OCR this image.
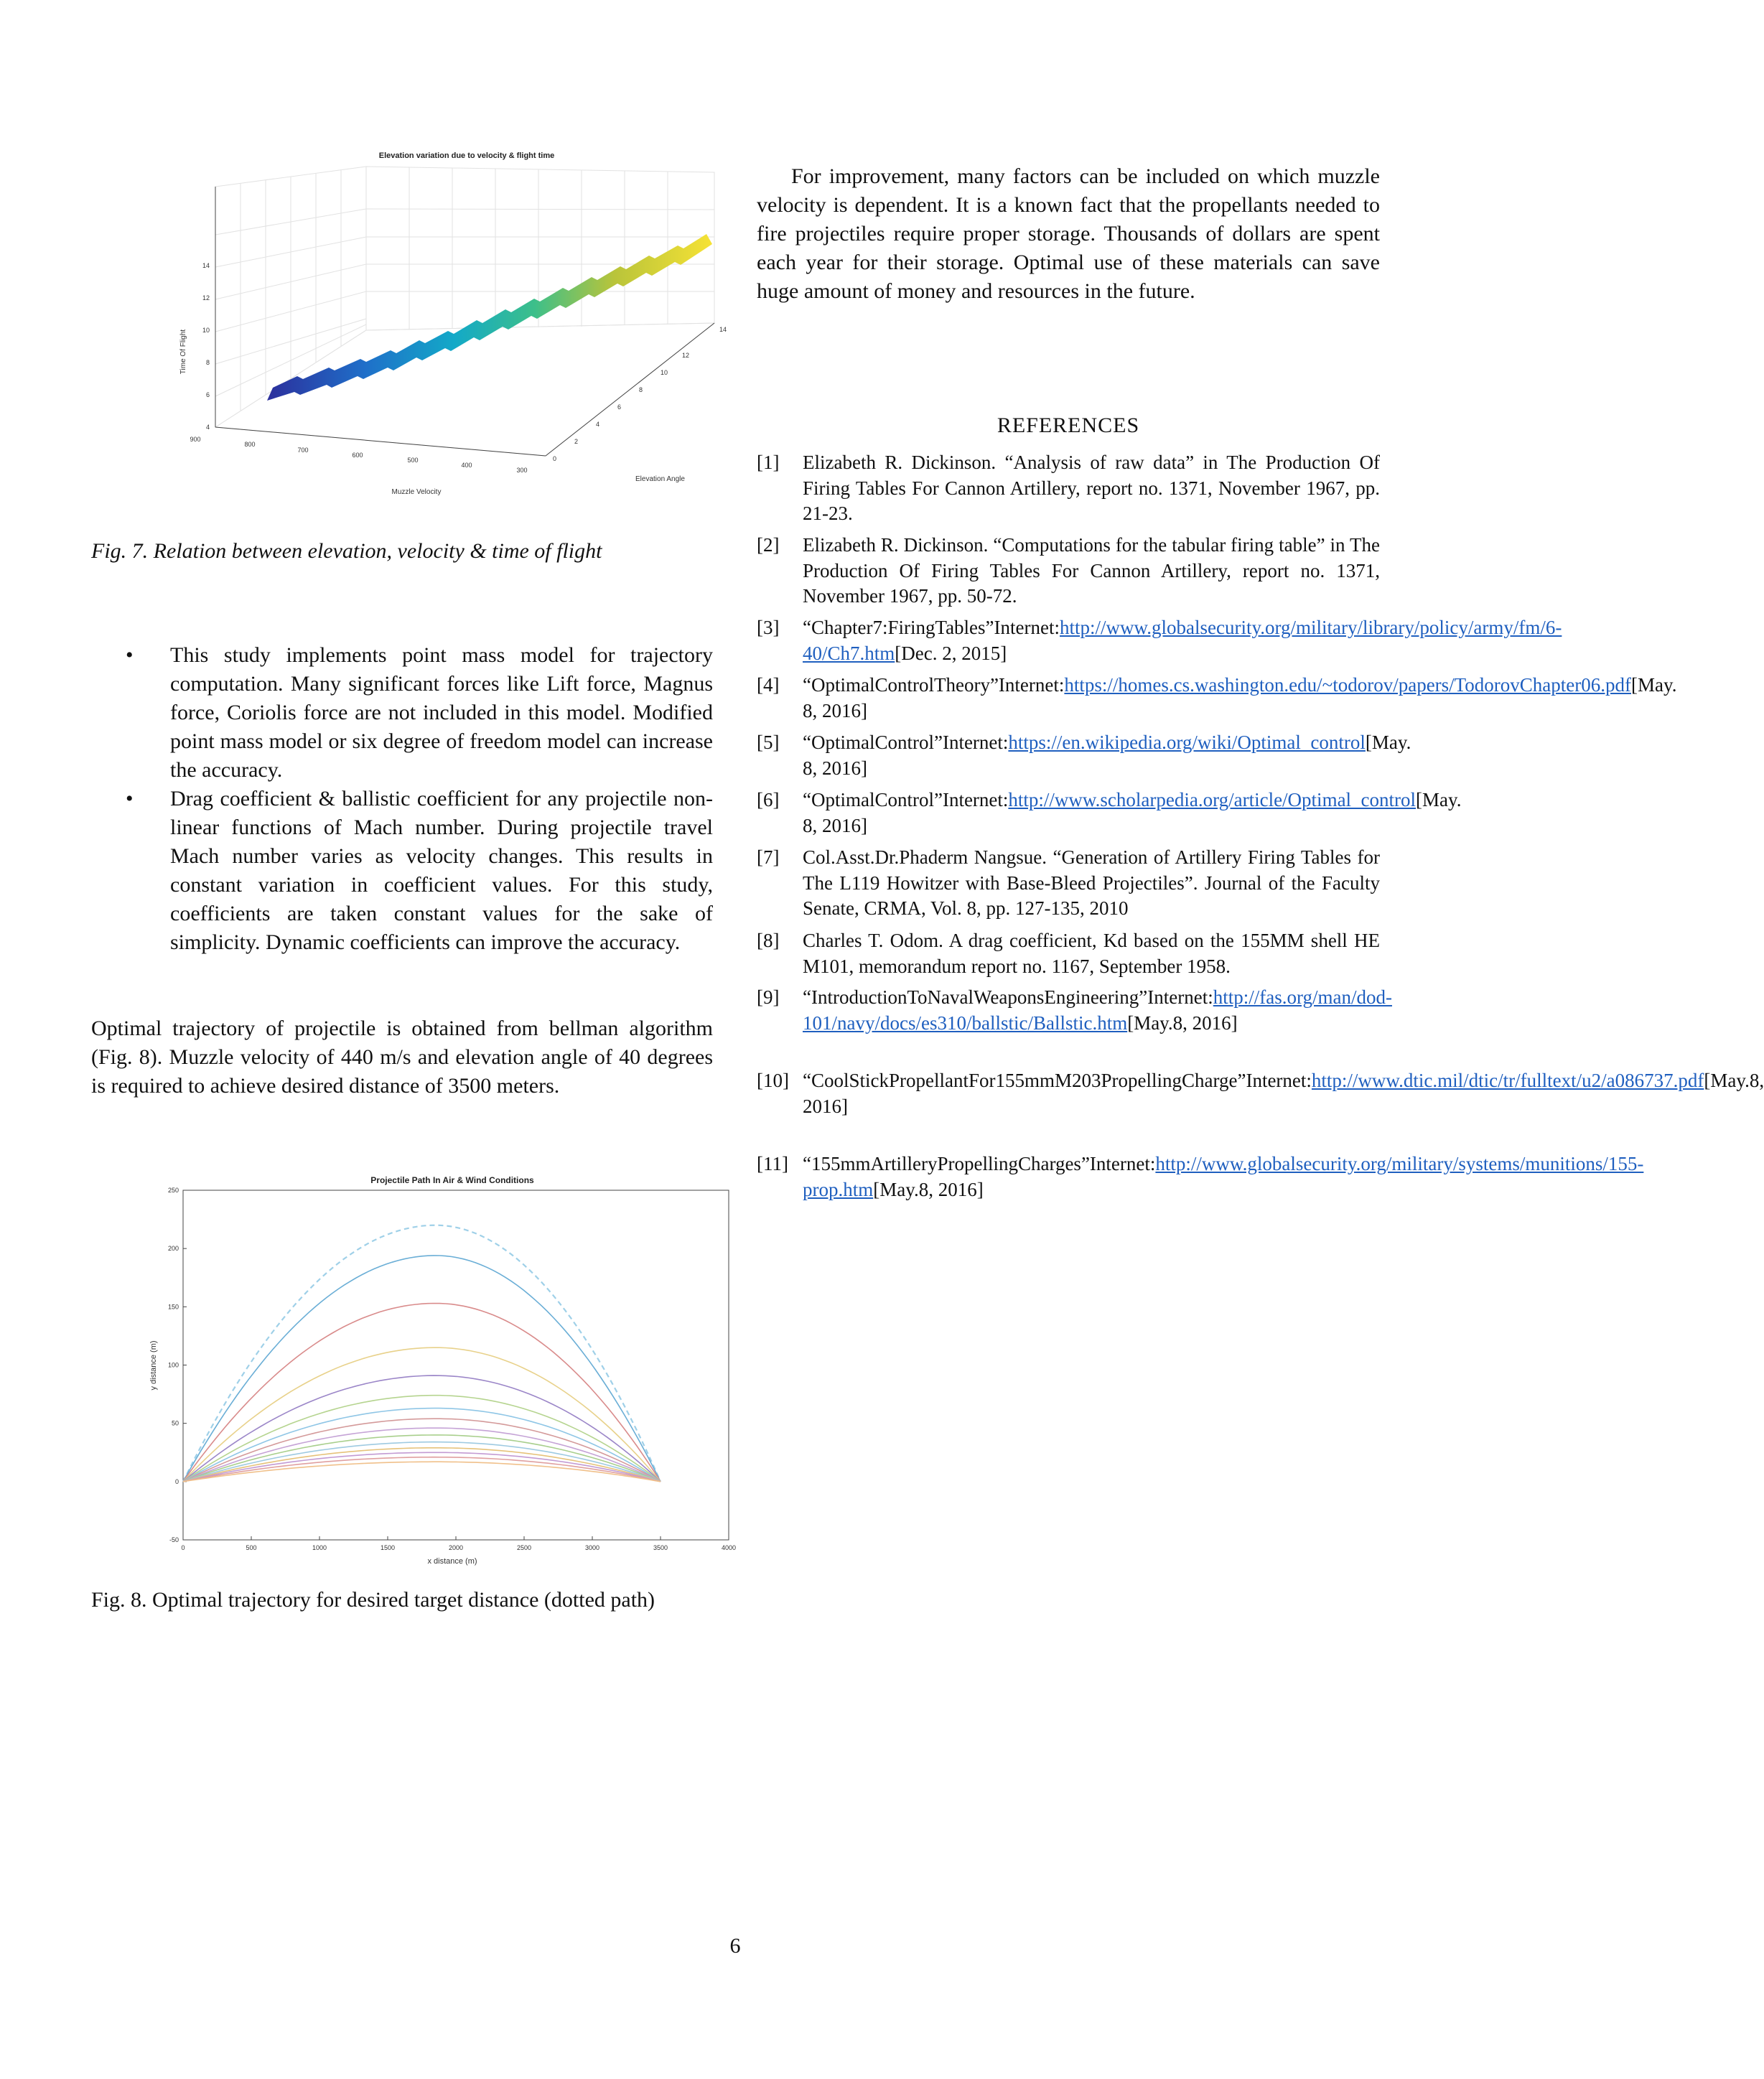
Elevation variation due to velocity & flight time
4
6
8
10
12
14
Time Of Flight
900
800
700
600
500
400
300
Muzzle Velocity
0
2
4
6
8
10
12
14
Elevation Angle
Fig. 7. Relation between elevation, velocity & time of flight
For improvement, many factors can be included on which muzzle velocity is dependent. It is a known fact that the propellants needed to fire projectiles require proper storage. Thousands of dollars are spent each year for their storage. Optimal use of these materials can save huge amount of money and resources in the future.
• This study implements point mass model for trajectory computation. Many significant forces like Lift force, Magnus force, Coriolis force are not included in this model. Modified point mass model or six degree of freedom model can increase the accuracy.
• Drag coefficient & ballistic coefficient for any projectile non-linear functions of Mach number. During projectile travel Mach number varies as velocity changes. This results in constant variation in coefficient values. For this study, coefficients are taken constant values for the sake of simplicity. Dynamic coefficients can improve the accuracy.
Optimal trajectory of projectile is obtained from bellman algorithm (Fig. 8). Muzzle velocity of 440 m/s and elevation angle of 40 degrees is required to achieve desired distance of 3500 meters.
Projectile Path In Air & Wind Conditions
0	500	1000	1500	2000	2500	3000	3500	4000
-50
0
50
100
150
200
250
x distance (m)
y distance (m)
Fig. 8. Optimal trajectory for desired target distance (dotted path)
REFERENCES
[1] Elizabeth R. Dickinson. “Analysis of raw data” in The Production Of Firing Tables For Cannon Artillery, report no. 1371, November 1967, pp. 21-23.
[2] Elizabeth R. Dickinson. “Computations for the tabular firing table” in The Production Of Firing Tables For Cannon Artillery, report no. 1371, November 1967, pp. 50-72.
[3] “Chapter7:FiringTables”Internet:http://www.globalsecurity.org/military/library/policy/army/fm/6-40/Ch7.htm[Dec. 2, 2015]
[4] “OptimalControlTheory”Internet:https://homes.cs.washington.edu/~todorov/papers/TodorovChapter06.pdf[May. 8, 2016]
[5] “OptimalControl”Internet:https://en.wikipedia.org/wiki/Optimal_control[May. 8, 2016]
[6] “OptimalControl”Internet:http://www.scholarpedia.org/article/Optimal_control[May. 8, 2016]
[7] Col.Asst.Dr.Phaderm Nangsue. “Generation of Artillery Firing Tables for The L119 Howitzer with Base-Bleed Projectiles”. Journal of the Faculty Senate, CRMA, Vol. 8, pp. 127-135, 2010
[8] Charles T. Odom. A drag coefficient, Kd based on the 155MM shell HE M101, memorandum report no. 1167, September 1958.
[9] “IntroductionToNavalWeaponsEngineering”Internet:http://fas.org/man/dod-101/navy/docs/es310/ballstic/Ballstic.htm[May.8, 2016]
[10] “CoolStickPropellantFor155mmM203PropellingCharge”Internet:http://www.dtic.mil/dtic/tr/fulltext/u2/a086737.pdf[May.8, 2016]
[11] “155mmArtilleryPropellingCharges”Internet:http://www.globalsecurity.org/military/systems/munitions/155-prop.htm[May.8, 2016]
6
